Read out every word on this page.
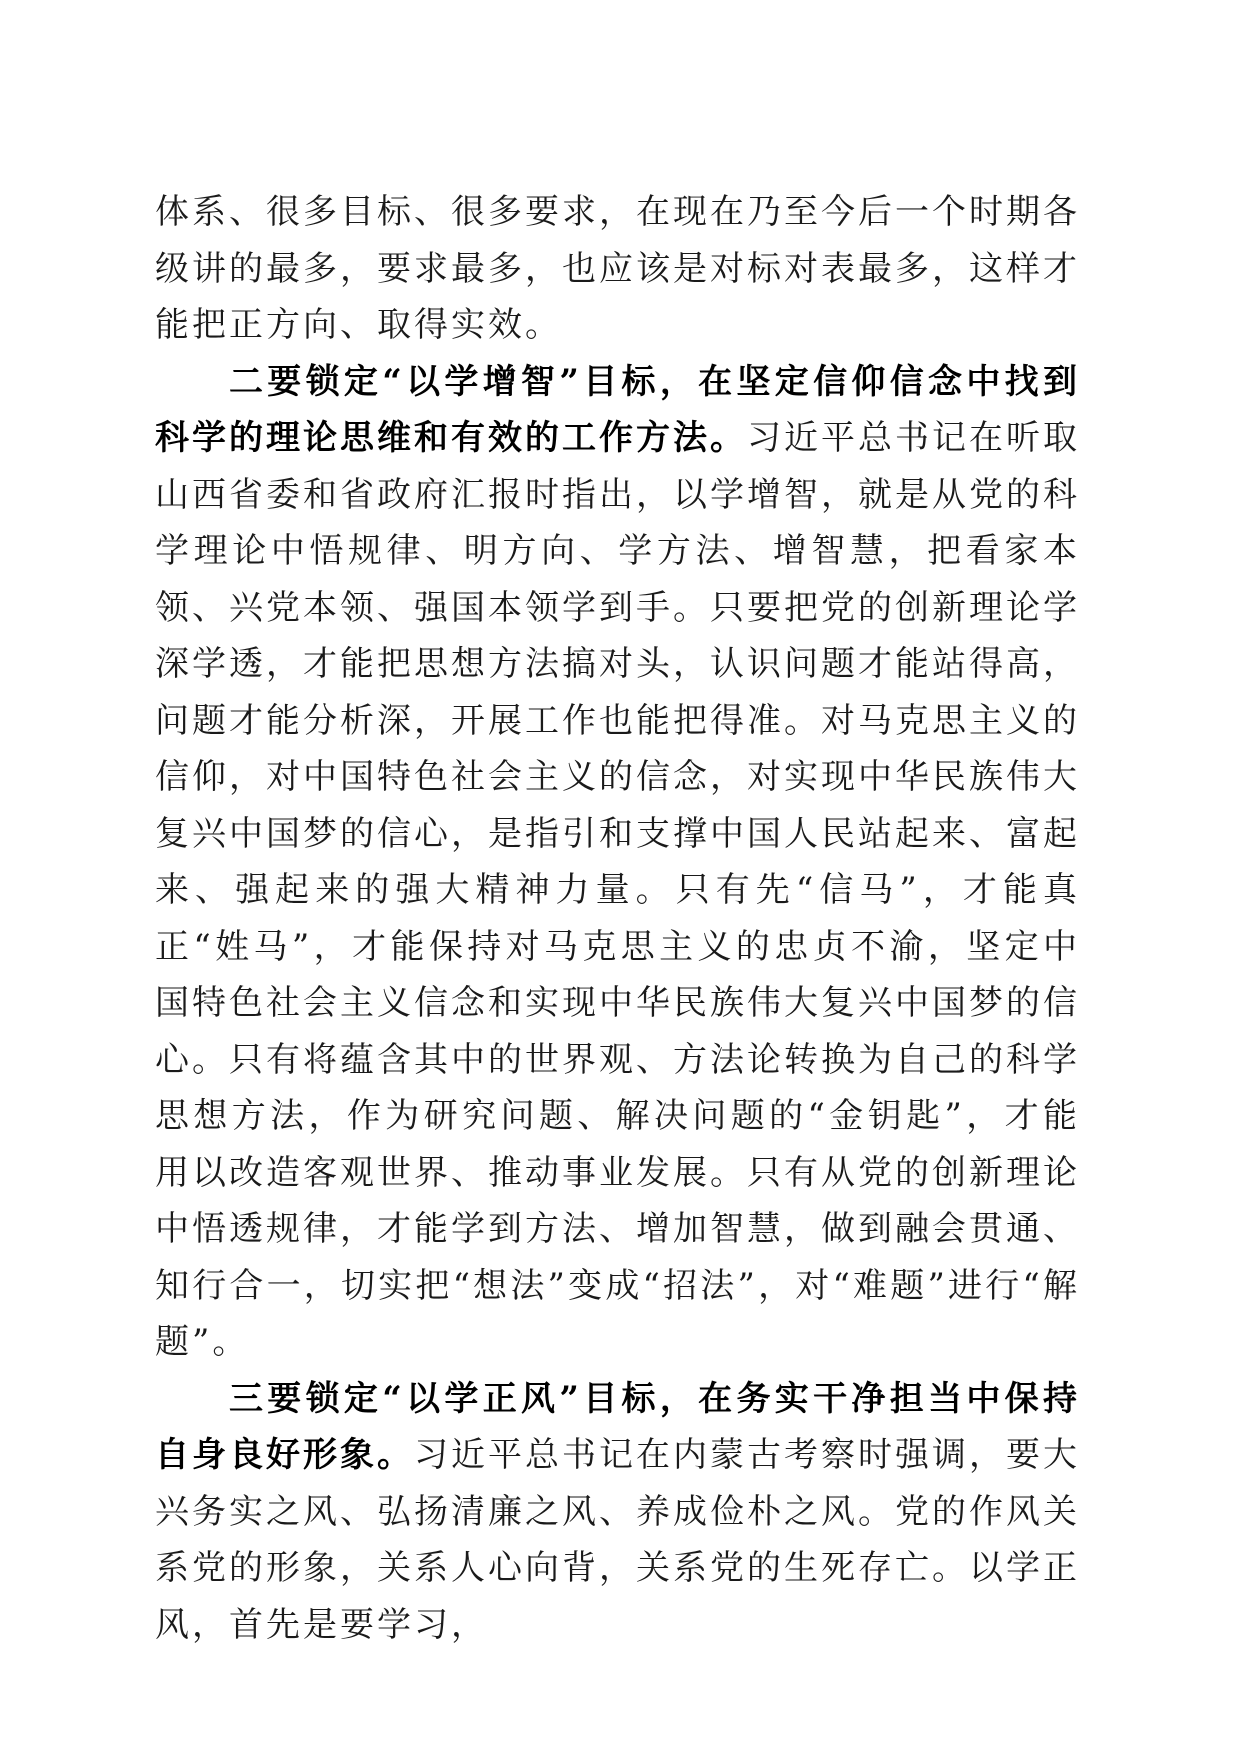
体系、很多目标、很多要求，在现在乃至今后一个时期各级讲的最多，要求最多，也应该是对标对表最多，这样才能把正方向、取得实效。

二要锁定“以学增智”目标，在坚定信仰信念中找到科学的理论思维和有效的工作方法。习近平总书记在听取山西省委和省政府汇报时指出，以学增智，就是从党的科学理论中悟规律、明方向、学方法、增智慧，把看家本领、兴党本领、强国本领学到手。只要把党的创新理论学深学透，才能把思想方法搞对头，认识问题才能站得高，问题才能分析深，开展工作也能把得准。对马克思主义的信仰，对中国特色社会主义的信念，对实现中华民族伟大复兴中国梦的信心，是指引和支撑中国人民站起来、富起来、强起来的强大精神力量。只有先“信马”，才能真正“姓马”，才能保持对马克思主义的忠贞不渝，坚定中国特色社会主义信念和实现中华民族伟大复兴中国梦的信心。只有将蕴含其中的世界观、方法论转换为自己的科学思想方法，作为研究问题、解决问题的“金钥匙”，才能用以改造客观世界、推动事业发展。只有从党的创新理论中悟透规律，才能学到方法、增加智慧，做到融会贯通、知行合一，切实把“想法”变成“招法”，对“难题”进行“解题”。

三要锁定“以学正风”目标，在务实干净担当中保持自身良好形象。习近平总书记在内蒙古考察时强调，要大兴务实之风、弘扬清廉之风、养成俭朴之风。党的作风关系党的形象，关系人心向背，关系党的生死存亡。以学正风，首先是要学习，
